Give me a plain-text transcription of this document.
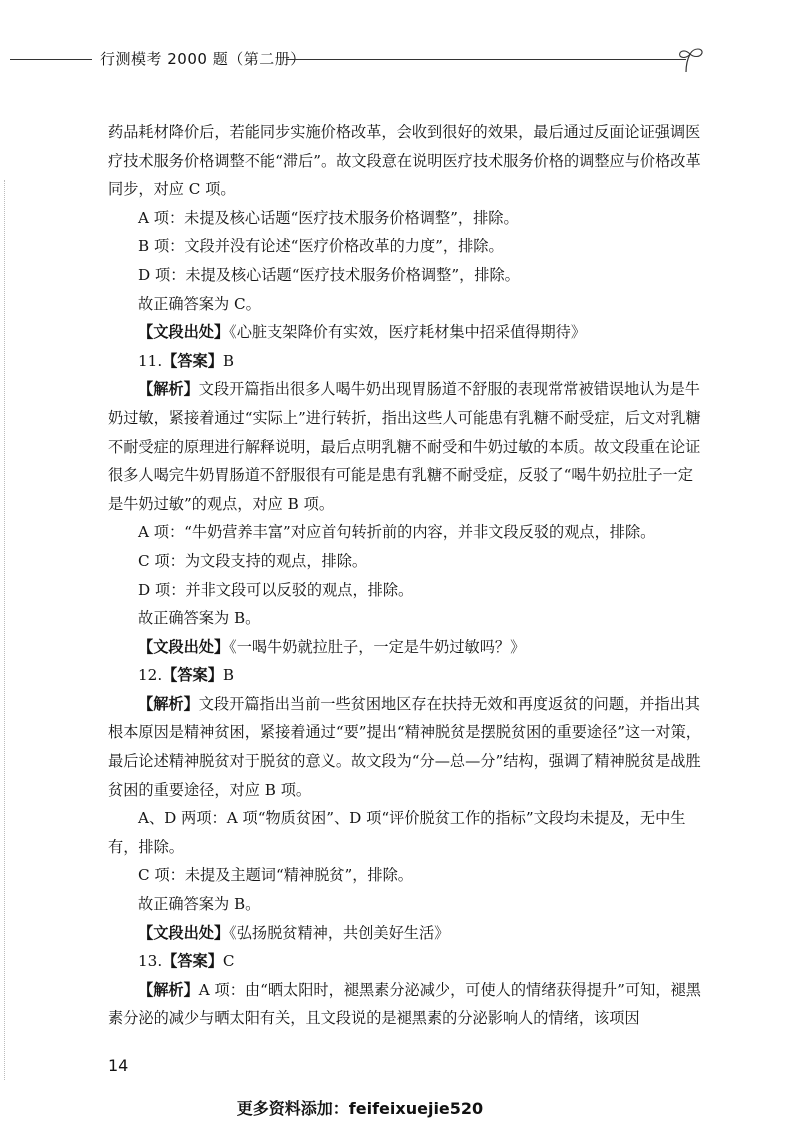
行测模考 2000 题（第二册）

药品耗材降价后，若能同步实施价格改革，会收到很好的效果，最后通过反面论证强调医疗技术服务价格调整不能“滞后”。故文段意在说明医疗技术服务价格的调整应与价格改革同步，对应 C 项。

A 项：未提及核心话题“医疗技术服务价格调整”，排除。

B 项：文段并没有论述“医疗价格改革的力度”，排除。

D 项：未提及核心话题“医疗技术服务价格调整”，排除。

故正确答案为 C。

【文段出处】《心脏支架降价有实效，医疗耗材集中招采值得期待》

11.【答案】B

【解析】文段开篇指出很多人喝牛奶出现胃肠道不舒服的表现常常被错误地认为是牛奶过敏，紧接着通过“实际上”进行转折，指出这些人可能患有乳糖不耐受症，后文对乳糖不耐受症的原理进行解释说明，最后点明乳糖不耐受和牛奶过敏的本质。故文段重在论证很多人喝完牛奶胃肠道不舒服很有可能是患有乳糖不耐受症，反驳了“喝牛奶拉肚子一定是牛奶过敏”的观点，对应 B 项。

A 项：“牛奶营养丰富”对应首句转折前的内容，并非文段反驳的观点，排除。

C 项：为文段支持的观点，排除。

D 项：并非文段可以反驳的观点，排除。

故正确答案为 B。

【文段出处】《一喝牛奶就拉肚子，一定是牛奶过敏吗？》

12.【答案】B

【解析】文段开篇指出当前一些贫困地区存在扶持无效和再度返贫的问题，并指出其根本原因是精神贫困，紧接着通过“要”提出“精神脱贫是摆脱贫困的重要途径”这一对策，最后论述精神脱贫对于脱贫的意义。故文段为“分—总—分”结构，强调了精神脱贫是战胜贫困的重要途径，对应 B 项。

A、D 两项：A 项“物质贫困”、D 项“评价脱贫工作的指标”文段均未提及，无中生有，排除。

C 项：未提及主题词“精神脱贫”，排除。

故正确答案为 B。

【文段出处】《弘扬脱贫精神，共创美好生活》

13.【答案】C

【解析】A 项：由“晒太阳时，褪黑素分泌减少，可使人的情绪获得提升”可知，褪黑素分泌的减少与晒太阳有关，且文段说的是褪黑素的分泌影响人的情绪，该项因

14
更多资料添加：feifeixuejie520
